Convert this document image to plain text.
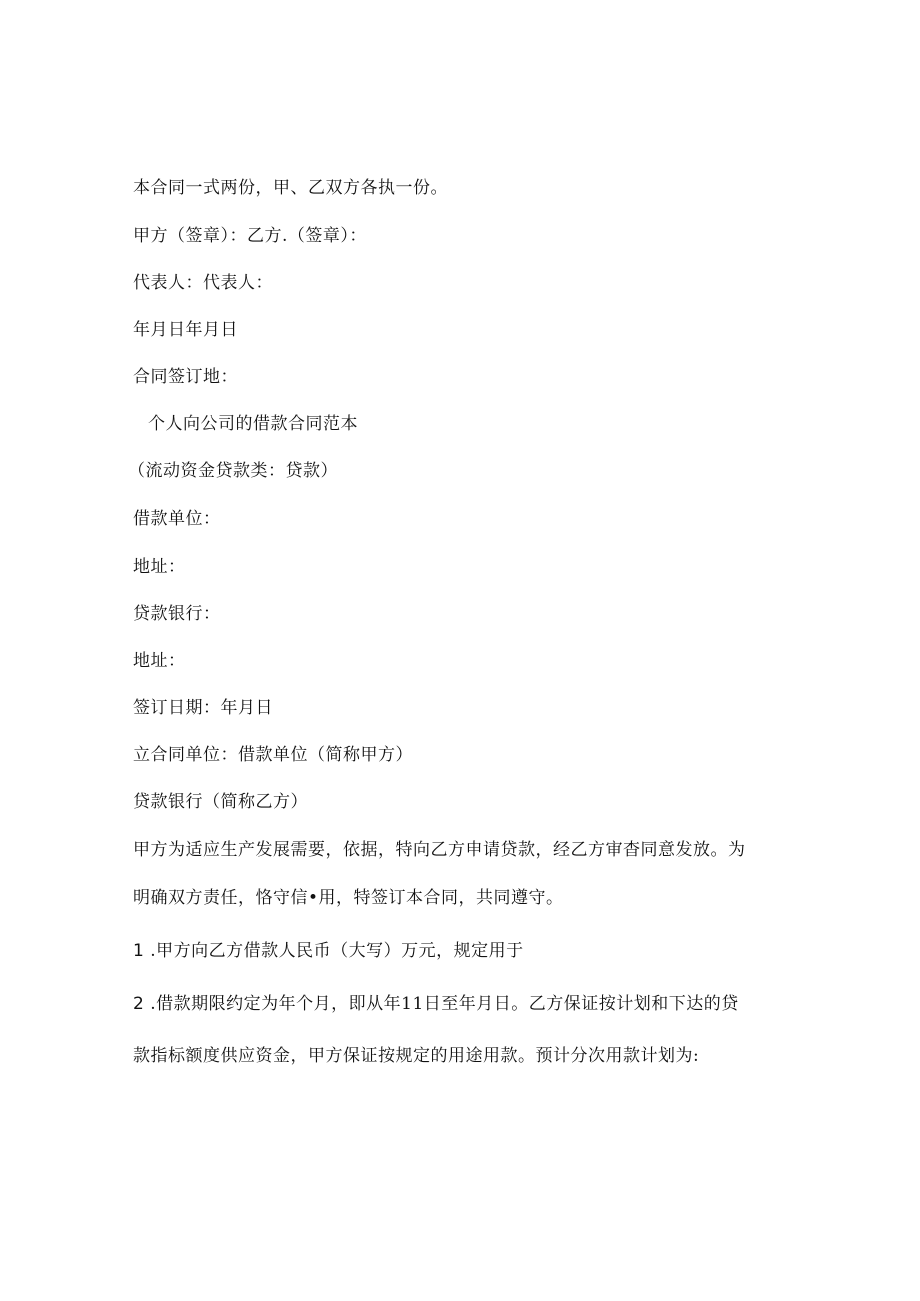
本合同一式两份，甲、乙双方各执一份。
甲方（签章）：乙方.（签章）：
代表人：代表人：
年月日年月日
合同签订地：
个人向公司的借款合同范本
（流动资金贷款类：贷款）
借款单位：
地址：
贷款银行：
地址：
签订日期：年月日
立合同单位：借款单位（简称甲方）
贷款银行（简称乙方）
甲方为适应生产发展需要，依据，特向乙方申请贷款，经乙方审杳同意发放。为
明确双方责任，恪守信•用，特签订本合同，共同遵守。
1 .甲方向乙方借款人民币（大写）万元，规定用于
2 .借款期限约定为年个月，即从年11日至年月日。乙方保证按计划和下达的贷
款指标额度供应资金，甲方保证按规定的用途用款。预计分次用款计划为:
